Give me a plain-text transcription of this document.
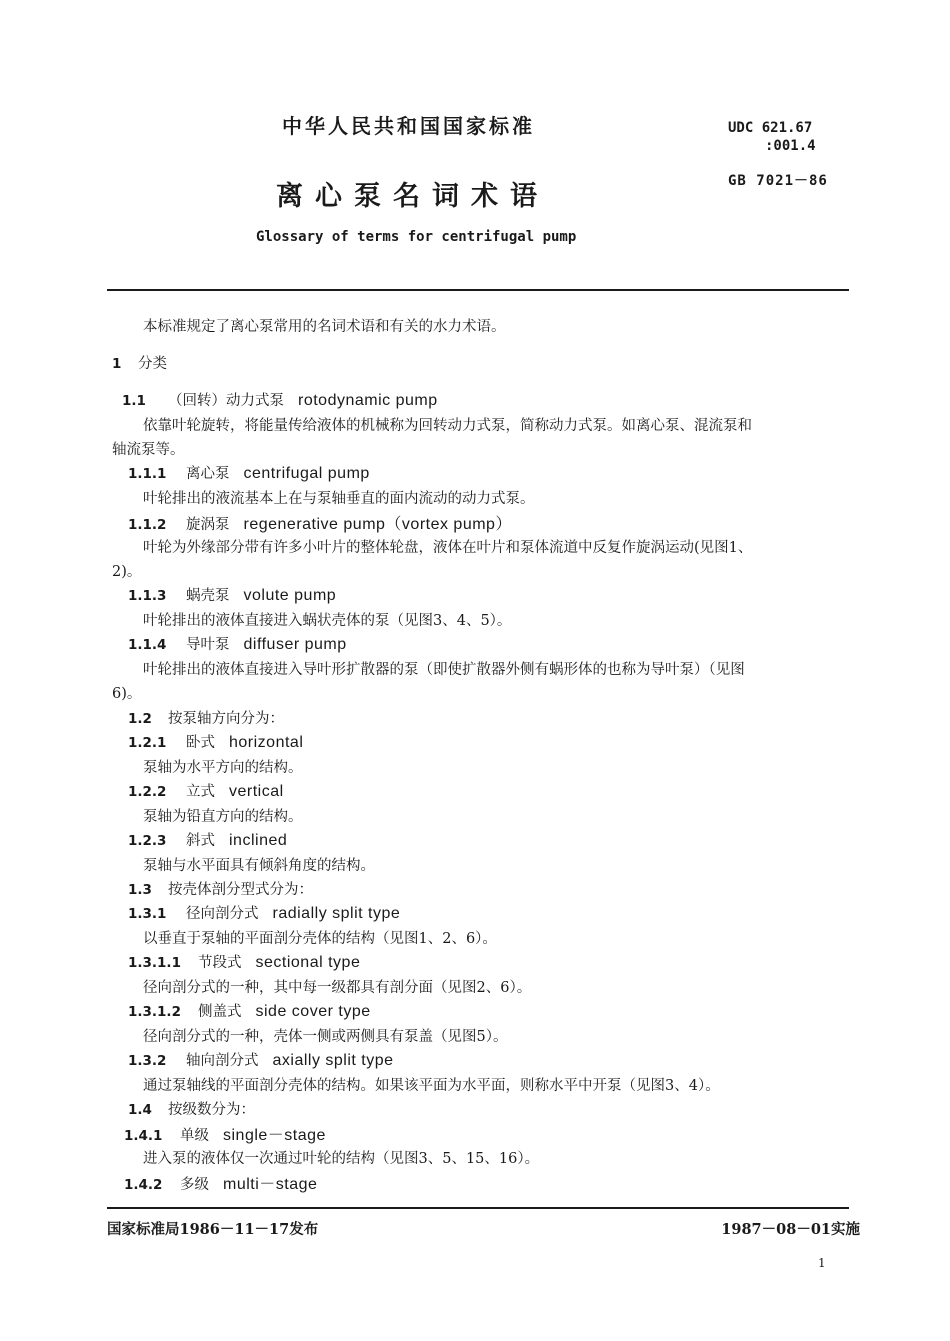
中华人民共和国国家标准	UDC 621.67
:001.4
GB 7021－86
离心泵名词术语
Glossary of terms for centrifugal pump
本标准规定了离心泵常用的名词术语和有关的水力术语。
1 分类
1.1 （回转）动力式泵 rotodynamic pump
依靠叶轮旋转，将能量传给液体的机械称为回转动力式泵，简称动力式泵。如离心泵、混流泵和
轴流泵等。
1.1.1 离心泵 centrifugal pump
叶轮排出的液流基本上在与泵轴垂直的面内流动的动力式泵。
1.1.2 旋涡泵 regenerative pump（vortex pump）
叶轮为外缘部分带有许多小叶片的整体轮盘，液体在叶片和泵体流道中反复作旋涡运动(见图1、
2)。
1.1.3 蜗壳泵 volute pump
叶轮排出的液体直接进入蜗状壳体的泵（见图3、4、5）。
1.1.4 导叶泵 diffuser pump
叶轮排出的液体直接进入导叶形扩散器的泵（即使扩散器外侧有蜗形体的也称为导叶泵）（见图
6)。
1.2 按泵轴方向分为：
1.2.1 卧式 horizontal
泵轴为水平方向的结构。
1.2.2 立式 vertical
泵轴为铅直方向的结构。
1.2.3 斜式 inclined
泵轴与水平面具有倾斜角度的结构。
1.3 按壳体剖分型式分为：
1.3.1 径向剖分式 radially split type
以垂直于泵轴的平面剖分壳体的结构（见图1、2、6）。
1.3.1.1 节段式 sectional type
径向剖分式的一种，其中每一级都具有剖分面（见图2、6）。
1.3.1.2 侧盖式 side cover type
径向剖分式的一种，壳体一侧或两侧具有泵盖（见图5）。
1.3.2 轴向剖分式 axially split type
通过泵轴线的平面剖分壳体的结构。如果该平面为水平面，则称水平中开泵（见图3、4）。
1.4 按级数分为：
1.4.1 单级 single－stage
进入泵的液体仅一次通过叶轮的结构（见图3、5、15、16）。
1.4.2 多级 multi－stage
国家标准局1986－11－17发布	1987－08－01实施
1
